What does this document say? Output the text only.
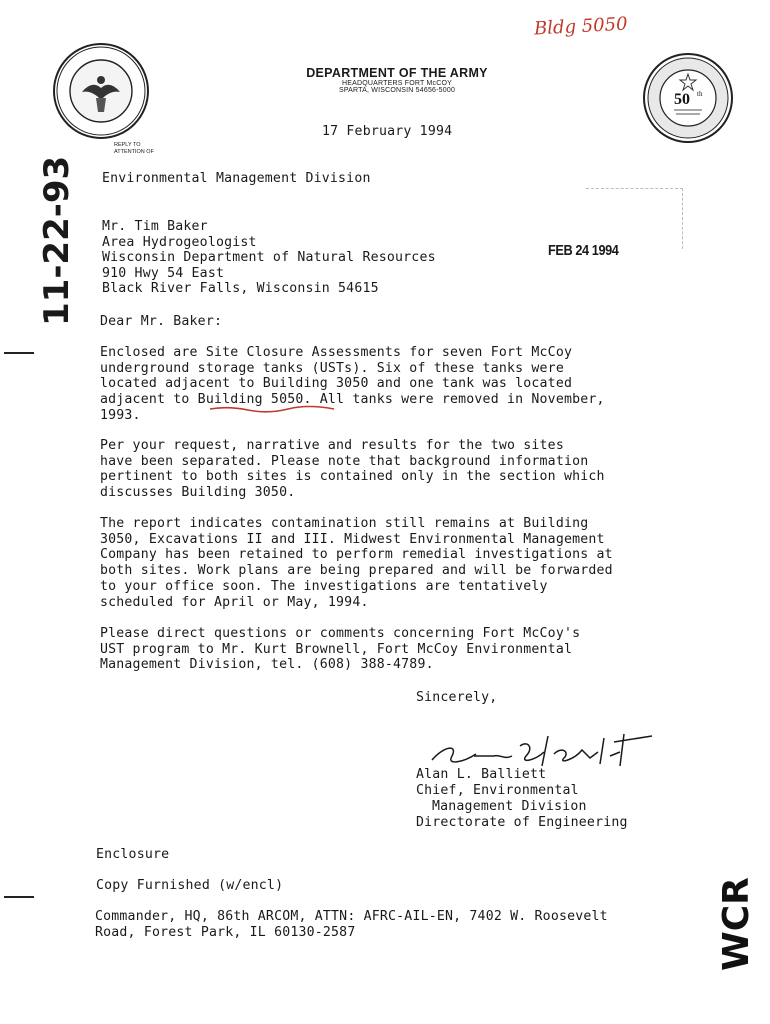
50 th
DEPARTMENT OF THE ARMY
HEADQUARTERS FORT McCOY
SPARTA, WISCONSIN 54656-5000
Bldg 5050
17 February 1994
REPLY TO
ATTENTION OF
Environmental Management Division
11-22-93 Mr. Tim Baker
Area Hydrogeologist
Wisconsin Department of Natural Resources
910 Hwy 54 East
Black River Falls, Wisconsin 54615
FEB 24 1994
Dear Mr. Baker:
Enclosed are Site Closure Assessments for seven Fort McCoy
underground storage tanks (USTs). Six of these tanks were
located adjacent to Building 3050 and one tank was located
adjacent to Building 5050. All tanks were removed in November,
1993.
Per your request, narrative and results for the two sites
have been separated. Please note that background information
pertinent to both sites is contained only in the section which
discusses Building 3050.
The report indicates contamination still remains at Building
3050, Excavations II and III. Midwest Environmental Management
Company has been retained to perform remedial investigations at
both sites. Work plans are being prepared and will be forwarded
to your office soon. The investigations are tentatively
scheduled for April or May, 1994.
Please direct questions or comments concerning Fort McCoy's
UST program to Mr. Kurt Brownell, Fort McCoy Environmental
Management Division, tel. (608) 388-4789.
Sincerely,
Alan L. Balliett
Chief, Environmental
Management Division
Directorate of Engineering
Enclosure
Copy Furnished (w/encl)
Commander, HQ, 86th ARCOM, ATTN: AFRC-AIL-EN, 7402 W. Roosevelt
Road, Forest Park, IL 60130-2587	WCR
